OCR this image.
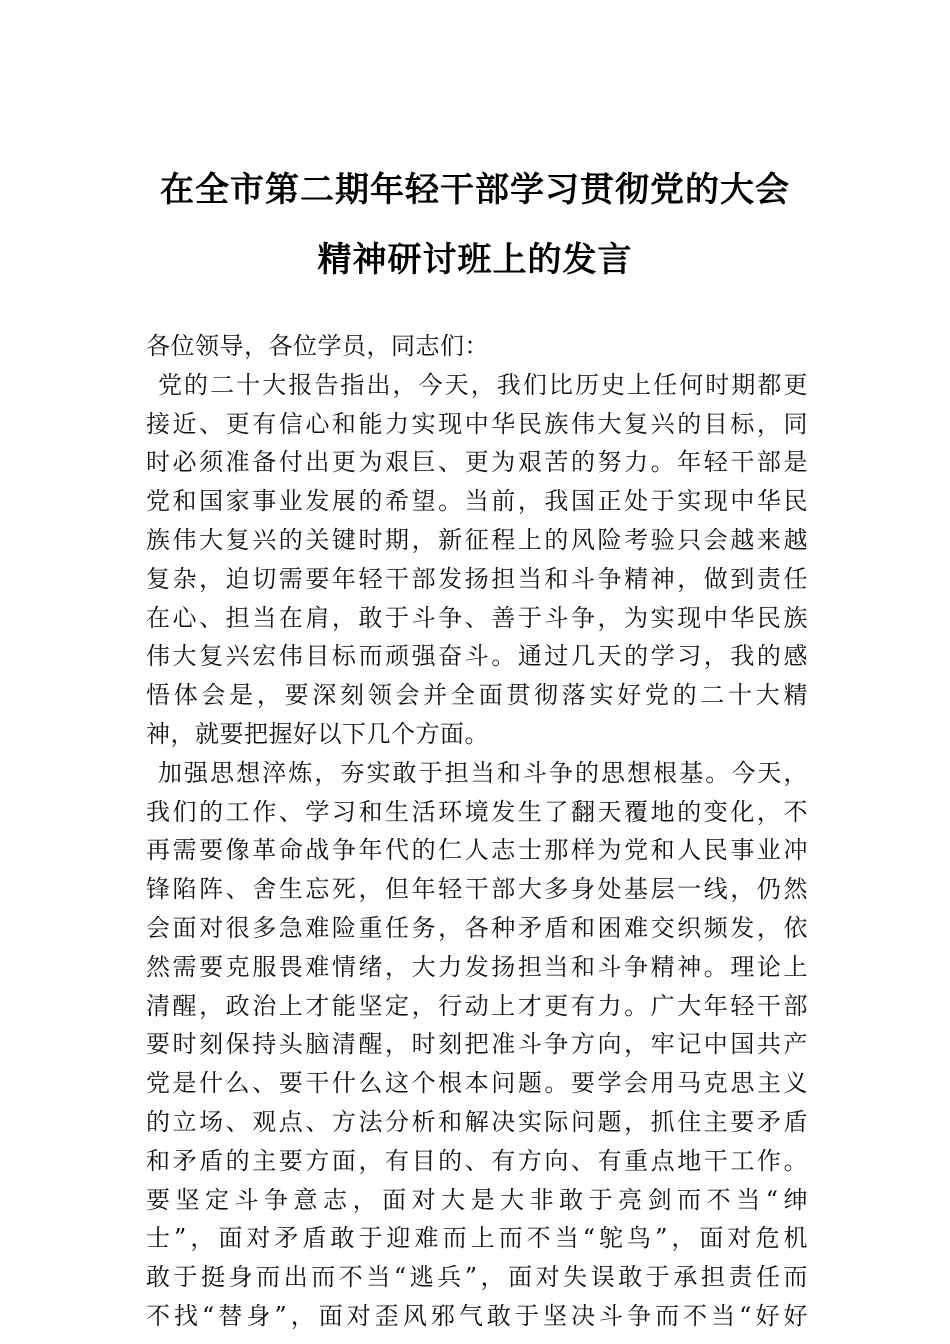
在全市第二期年轻干部学习贯彻党的大会
精神研讨班上的发言
各位领导，各位学员，同志们：
党的二十大报告指出，今天，我们比历史上任何时期都更
接近、更有信心和能力实现中华民族伟大复兴的目标，同
时必须准备付出更为艰巨、更为艰苦的努力。年轻干部是
党和国家事业发展的希望。当前，我国正处于实现中华民
族伟大复兴的关键时期，新征程上的风险考验只会越来越
复杂，迫切需要年轻干部发扬担当和斗争精神，做到责任
在心、担当在肩，敢于斗争、善于斗争，为实现中华民族
伟大复兴宏伟目标而顽强奋斗。通过几天的学习，我的感
悟体会是，要深刻领会并全面贯彻落实好党的二十大精
神，就要把握好以下几个方面。
加强思想淬炼，夯实敢于担当和斗争的思想根基。今天，
我们的工作、学习和生活环境发生了翻天覆地的变化，不
再需要像革命战争年代的仁人志士那样为党和人民事业冲
锋陷阵、舍生忘死，但年轻干部大多身处基层一线，仍然
会面对很多急难险重任务，各种矛盾和困难交织频发，依
然需要克服畏难情绪，大力发扬担当和斗争精神。理论上
清醒，政治上才能坚定，行动上才更有力。广大年轻干部
要时刻保持头脑清醒，时刻把准斗争方向，牢记中国共产
党是什么、要干什么这个根本问题。要学会用马克思主义
的立场、观点、方法分析和解决实际问题，抓住主要矛盾
和矛盾的主要方面，有目的、有方向、有重点地干工作。
要坚定斗争意志，面对大是大非敢于亮剑而不当“绅
士”，面对矛盾敢于迎难而上而不当“鸵鸟”，面对危机
敢于挺身而出而不当“逃兵”，面对失误敢于承担责任而
不找“替身”，面对歪风邪气敢于坚决斗争而不当“好好
